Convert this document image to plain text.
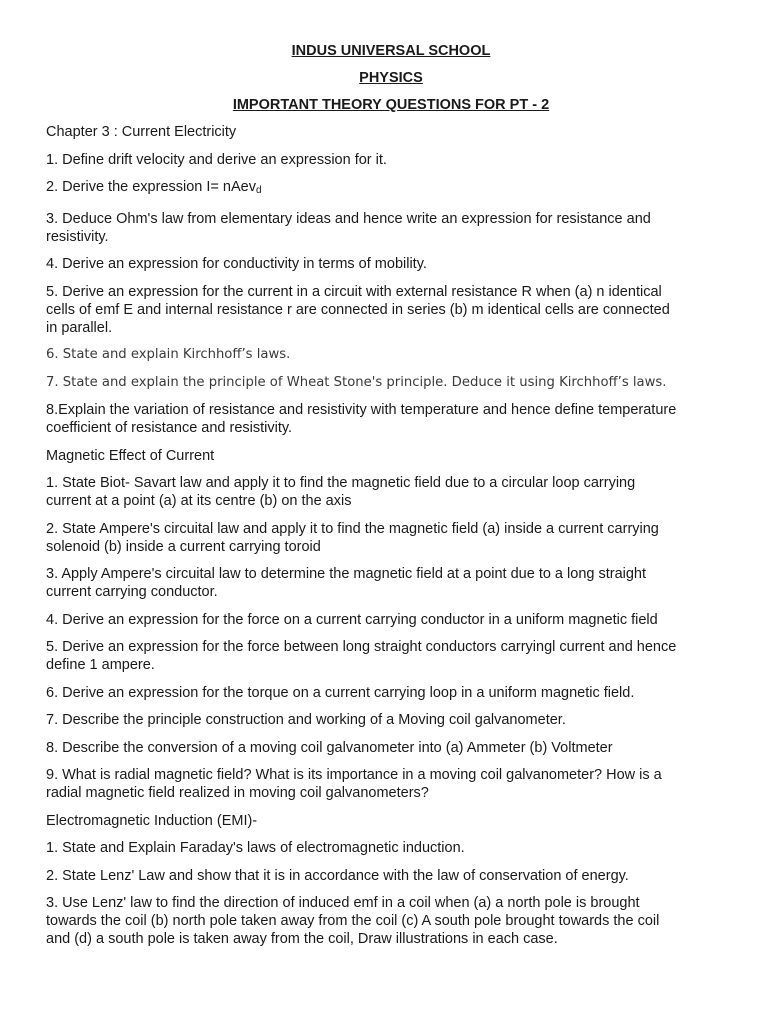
INDUS UNIVERSAL SCHOOL
PHYSICS
IMPORTANT THEORY QUESTIONS FOR PT - 2
Chapter 3 : Current Electricity
1. Define drift velocity and derive an expression for it.
2. Derive the expression I= nAev$_d$
3. Deduce Ohm's law from elementary ideas and hence write an expression for resistance and
resistivity.
4. Derive an expression for conductivity in terms of mobility.
5. Derive an expression for the current in a circuit with external resistance R when (a) n identical
cells of emf E and internal resistance r are connected in series (b) m identical cells are connected
in parallel.
6. State and explain Kirchhoff’s laws.
7. State and explain the principle of Wheat Stone's principle. Deduce it using Kirchhoff’s laws.
8.Explain the variation of resistance and resistivity with temperature and hence define temperature
coefficient of resistance and resistivity.
Magnetic Effect of Current
1. State Biot- Savart law and apply it to find the magnetic field due to a circular loop carrying
current at a point (a) at its centre (b) on the axis
2. State Ampere's circuital law and apply it to find the magnetic field (a) inside a current carrying
solenoid (b) inside a current carrying toroid
3. Apply Ampere's circuital law to determine the magnetic field at a point due to a long straight
current carrying conductor.
4. Derive an expression for the force on a current carrying conductor in a uniform magnetic field
5. Derive an expression for the force between long straight conductors carryingl current and hence
define 1 ampere.
6. Derive an expression for the torque on a current carrying loop in a uniform magnetic field.
7. Describe the principle construction and working of a Moving coil galvanometer.
8. Describe the conversion of a moving coil galvanometer into (a) Ammeter (b) Voltmeter
9. What is radial magnetic field? What is its importance in a moving coil galvanometer? How is a
radial magnetic field realized in moving coil galvanometers?
Electromagnetic Induction (EMI)-
1. State and Explain Faraday's laws of electromagnetic induction.
2. State Lenz' Law and show that it is in accordance with the law of conservation of energy.
3. Use Lenz' law to find the direction of induced emf in a coil when (a) a north pole is brought
towards the coil (b) north pole taken away from the coil (c) A south pole brought towards the coil
and (d) a south pole is taken away from the coil, Draw illustrations in each case.
